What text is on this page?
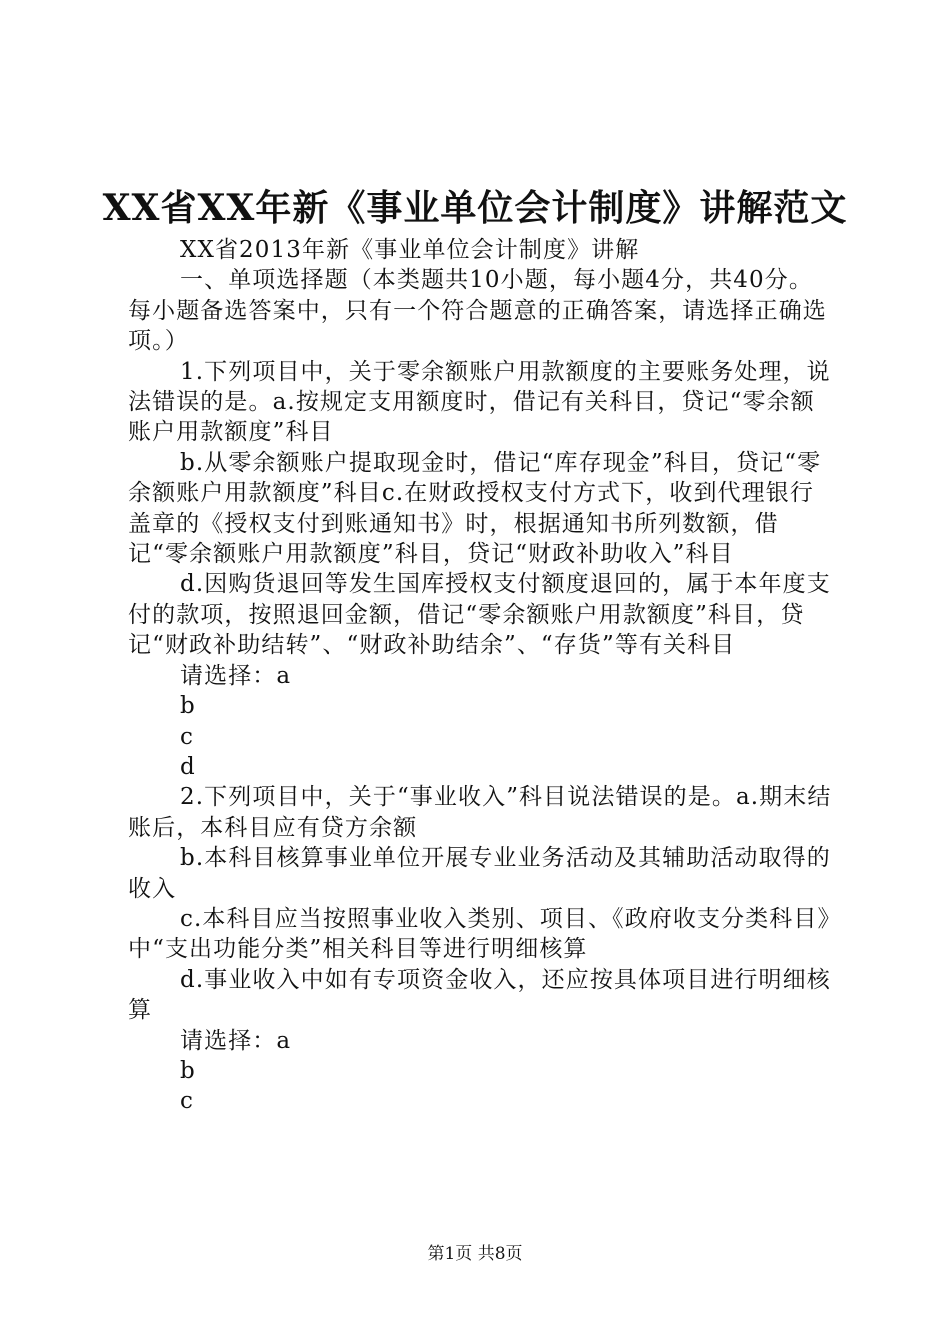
XX省XX年新《事业单位会计制度》讲解范文

XX省2013年新《事业单位会计制度》讲解

一、单项选择题（本类题共10小题，每小题4分，共40分。每小题备选答案中，只有一个符合题意的正确答案，请选择正确选项。）

1.下列项目中，关于零余额账户用款额度的主要账务处理，说法错误的是。a.按规定支用额度时，借记有关科目，贷记“零余额账户用款额度”科目

b.从零余额账户提取现金时，借记“库存现金”科目，贷记“零余额账户用款额度”科目c.在财政授权支付方式下，收到代理银行盖章的《授权支付到账通知书》时，根据通知书所列数额，借记“零余额账户用款额度”科目，贷记“财政补助收入”科目

d.因购货退回等发生国库授权支付额度退回的，属于本年度支付的款项，按照退回金额，借记“零余额账户用款额度”科目，贷记“财政补助结转”、“财政补助结余”、“存货”等有关科目

请选择：a

b

c

d

2.下列项目中，关于“事业收入”科目说法错误的是。a.期末结账后，本科目应有贷方余额

b.本科目核算事业单位开展专业业务活动及其辅助活动取得的收入

c.本科目应当按照事业收入类别、项目、《政府收支分类科目》中“支出功能分类”相关科目等进行明细核算

d.事业收入中如有专项资金收入，还应按具体项目进行明细核算

请选择：a

b

c

第1页 共8页
